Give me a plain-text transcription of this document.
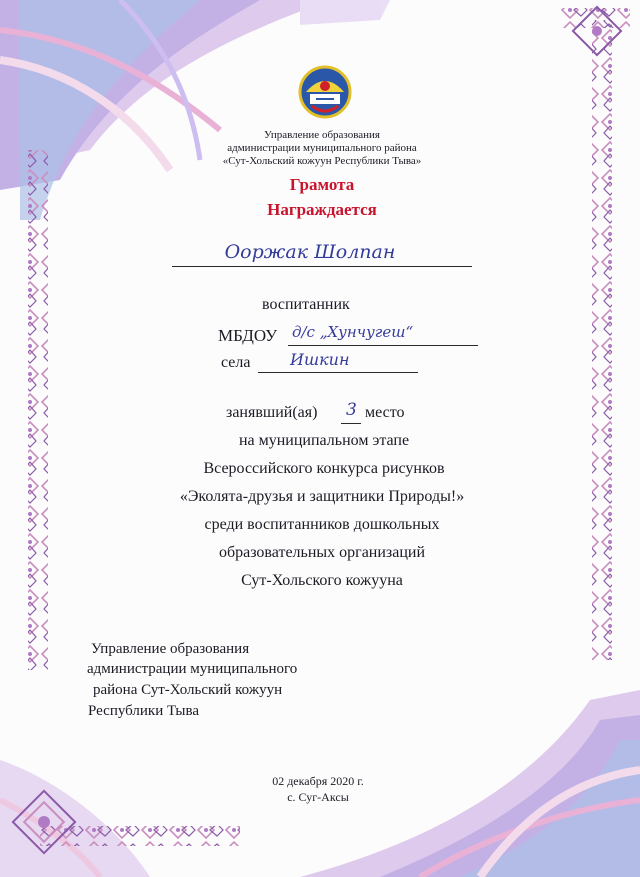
Управление образования
администрации муниципального района
«Сут-Хольский кожуун Республики Тыва»
Грамота
Награждается
Ооржак Шолпан
воспитанник
МБДОУ д/с „Хунчугеш“
села Ишкин
занявший(ая) 3 место
на муниципальном этапе
Всероссийского конкурса рисунков
«Эколята-друзья и защитники Природы!»
среди воспитанников дошкольных
образовательных организаций
Сут-Хольского кожууна
Управление образования
администрации муниципального
района Сут-Хольский кожуун
Республики Тыва
02 декабря 2020 г.
с. Суг-Аксы
